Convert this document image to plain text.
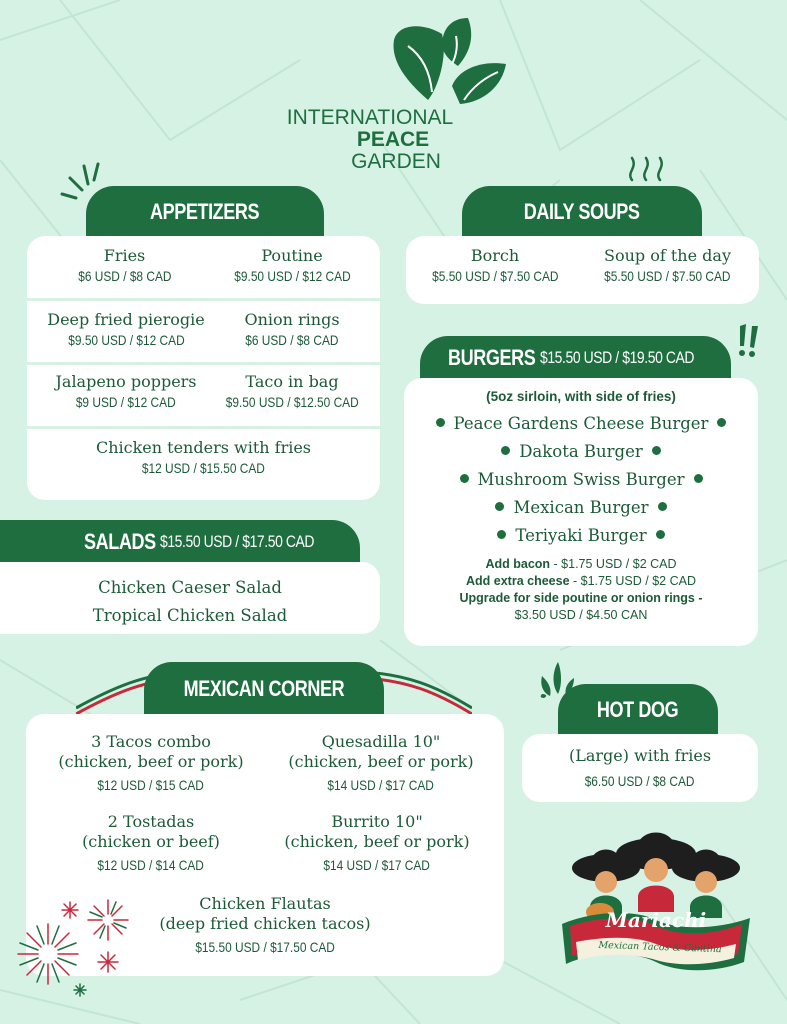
INTERNATIONAL
PEACE
GARDEN
APPETIZERS
Fries
$6 USD / $8 CAD
Poutine
$9.50 USD / $12 CAD
Deep fried pierogie
$9.50 USD / $12 CAD
Onion rings
$6 USD / $8 CAD
Jalapeno poppers
$9 USD / $12 CAD
Taco in bag
$9.50 USD / $12.50 CAD
Chicken tenders with fries
$12 USD / $15.50 CAD
DAILY SOUPS
Borch
$5.50 USD / $7.50 CAD
Soup of the day
$5.50 USD / $7.50 CAD
BURGERS $15.50 USD / $19.50 CAD
(5oz sirloin, with side of fries)
Peace Gardens Cheese Burger
Dakota Burger
Mushroom Swiss Burger
Mexican Burger
Teriyaki Burger
Add bacon - $1.75 USD / $2 CAD
Add extra cheese - $1.75 USD / $2 CAD
Upgrade for side poutine or onion rings -
$3.50 USD / $4.50 CAN
SALADS $15.50 USD / $17.50 CAD
Chicken Caeser Salad
Tropical Chicken Salad
MEXICAN CORNER
3 Tacos combo
(chicken, beef or pork)
$12 USD / $15 CAD
Quesadilla 10"
(chicken, beef or pork)
$14 USD / $17 CAD
2 Tostadas
(chicken or beef)
$12 USD / $14 CAD
Burrito 10"
(chicken, beef or pork)
$14 USD / $17 CAD
Chicken Flautas
(deep fried chicken tacos)
$15.50 USD / $17.50 CAD
HOT DOG
(Large) with fries
$6.50 USD / $8 CAD
Mariachi
Mexican Tacos & Cantina
